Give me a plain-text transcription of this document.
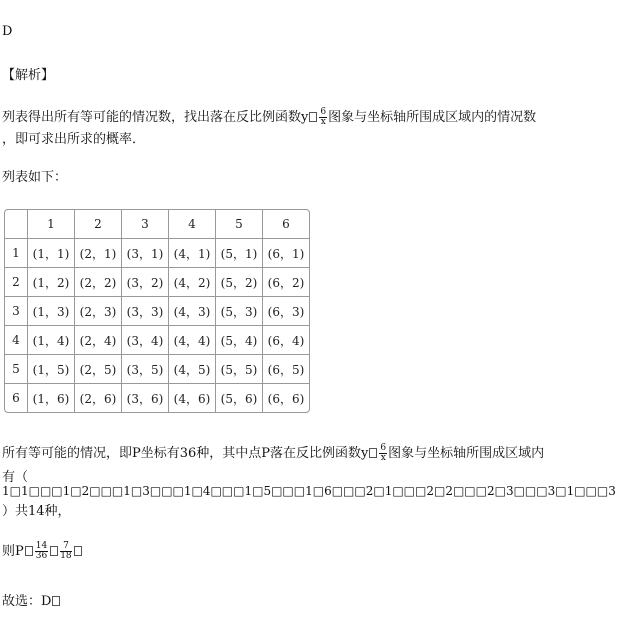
D
【解析】
列表得出所有等可能的情况数，找出落在反比例函数y $\frac{6}{x}$ 图象与坐标轴所围成区域内的情况数
，即可求出所求的概率．
列表如下：
	1	2	3	4	5	6
1	(1，1)	(2，1)	(3，1)	(4，1)	(5，1)	(6，1)
2	(1，2)	(2，2)	(3，2)	(4，2)	(5，2)	(6，2)
3	(1，3)	(2，3)	(3，3)	(4，3)	(5，3)	(6，3)
4	(1，4)	(2，4)	(3，4)	(4，4)	(5，4)	(6，4)
5	(1，5)	(2，5)	(3，5)	(4，5)	(5，5)	(6，5)
6	(1，6)	(2，6)	(3，6)	(4，6)	(5，6)	(6，6)
所有等可能的情况，即P坐标有36种，其中点P落在反比例函数y $\frac{6}{x}$ 图象与坐标轴所围成区域内
有（
1□1□□□1□2□□□1□3□□□1□4□□□1□5□□□1□6□□□2□1□□□2□2□□□2□3□□□3□1□□□3
）共14种，
则P $\frac{14}{36} \frac{7}{18}$
故选：D
